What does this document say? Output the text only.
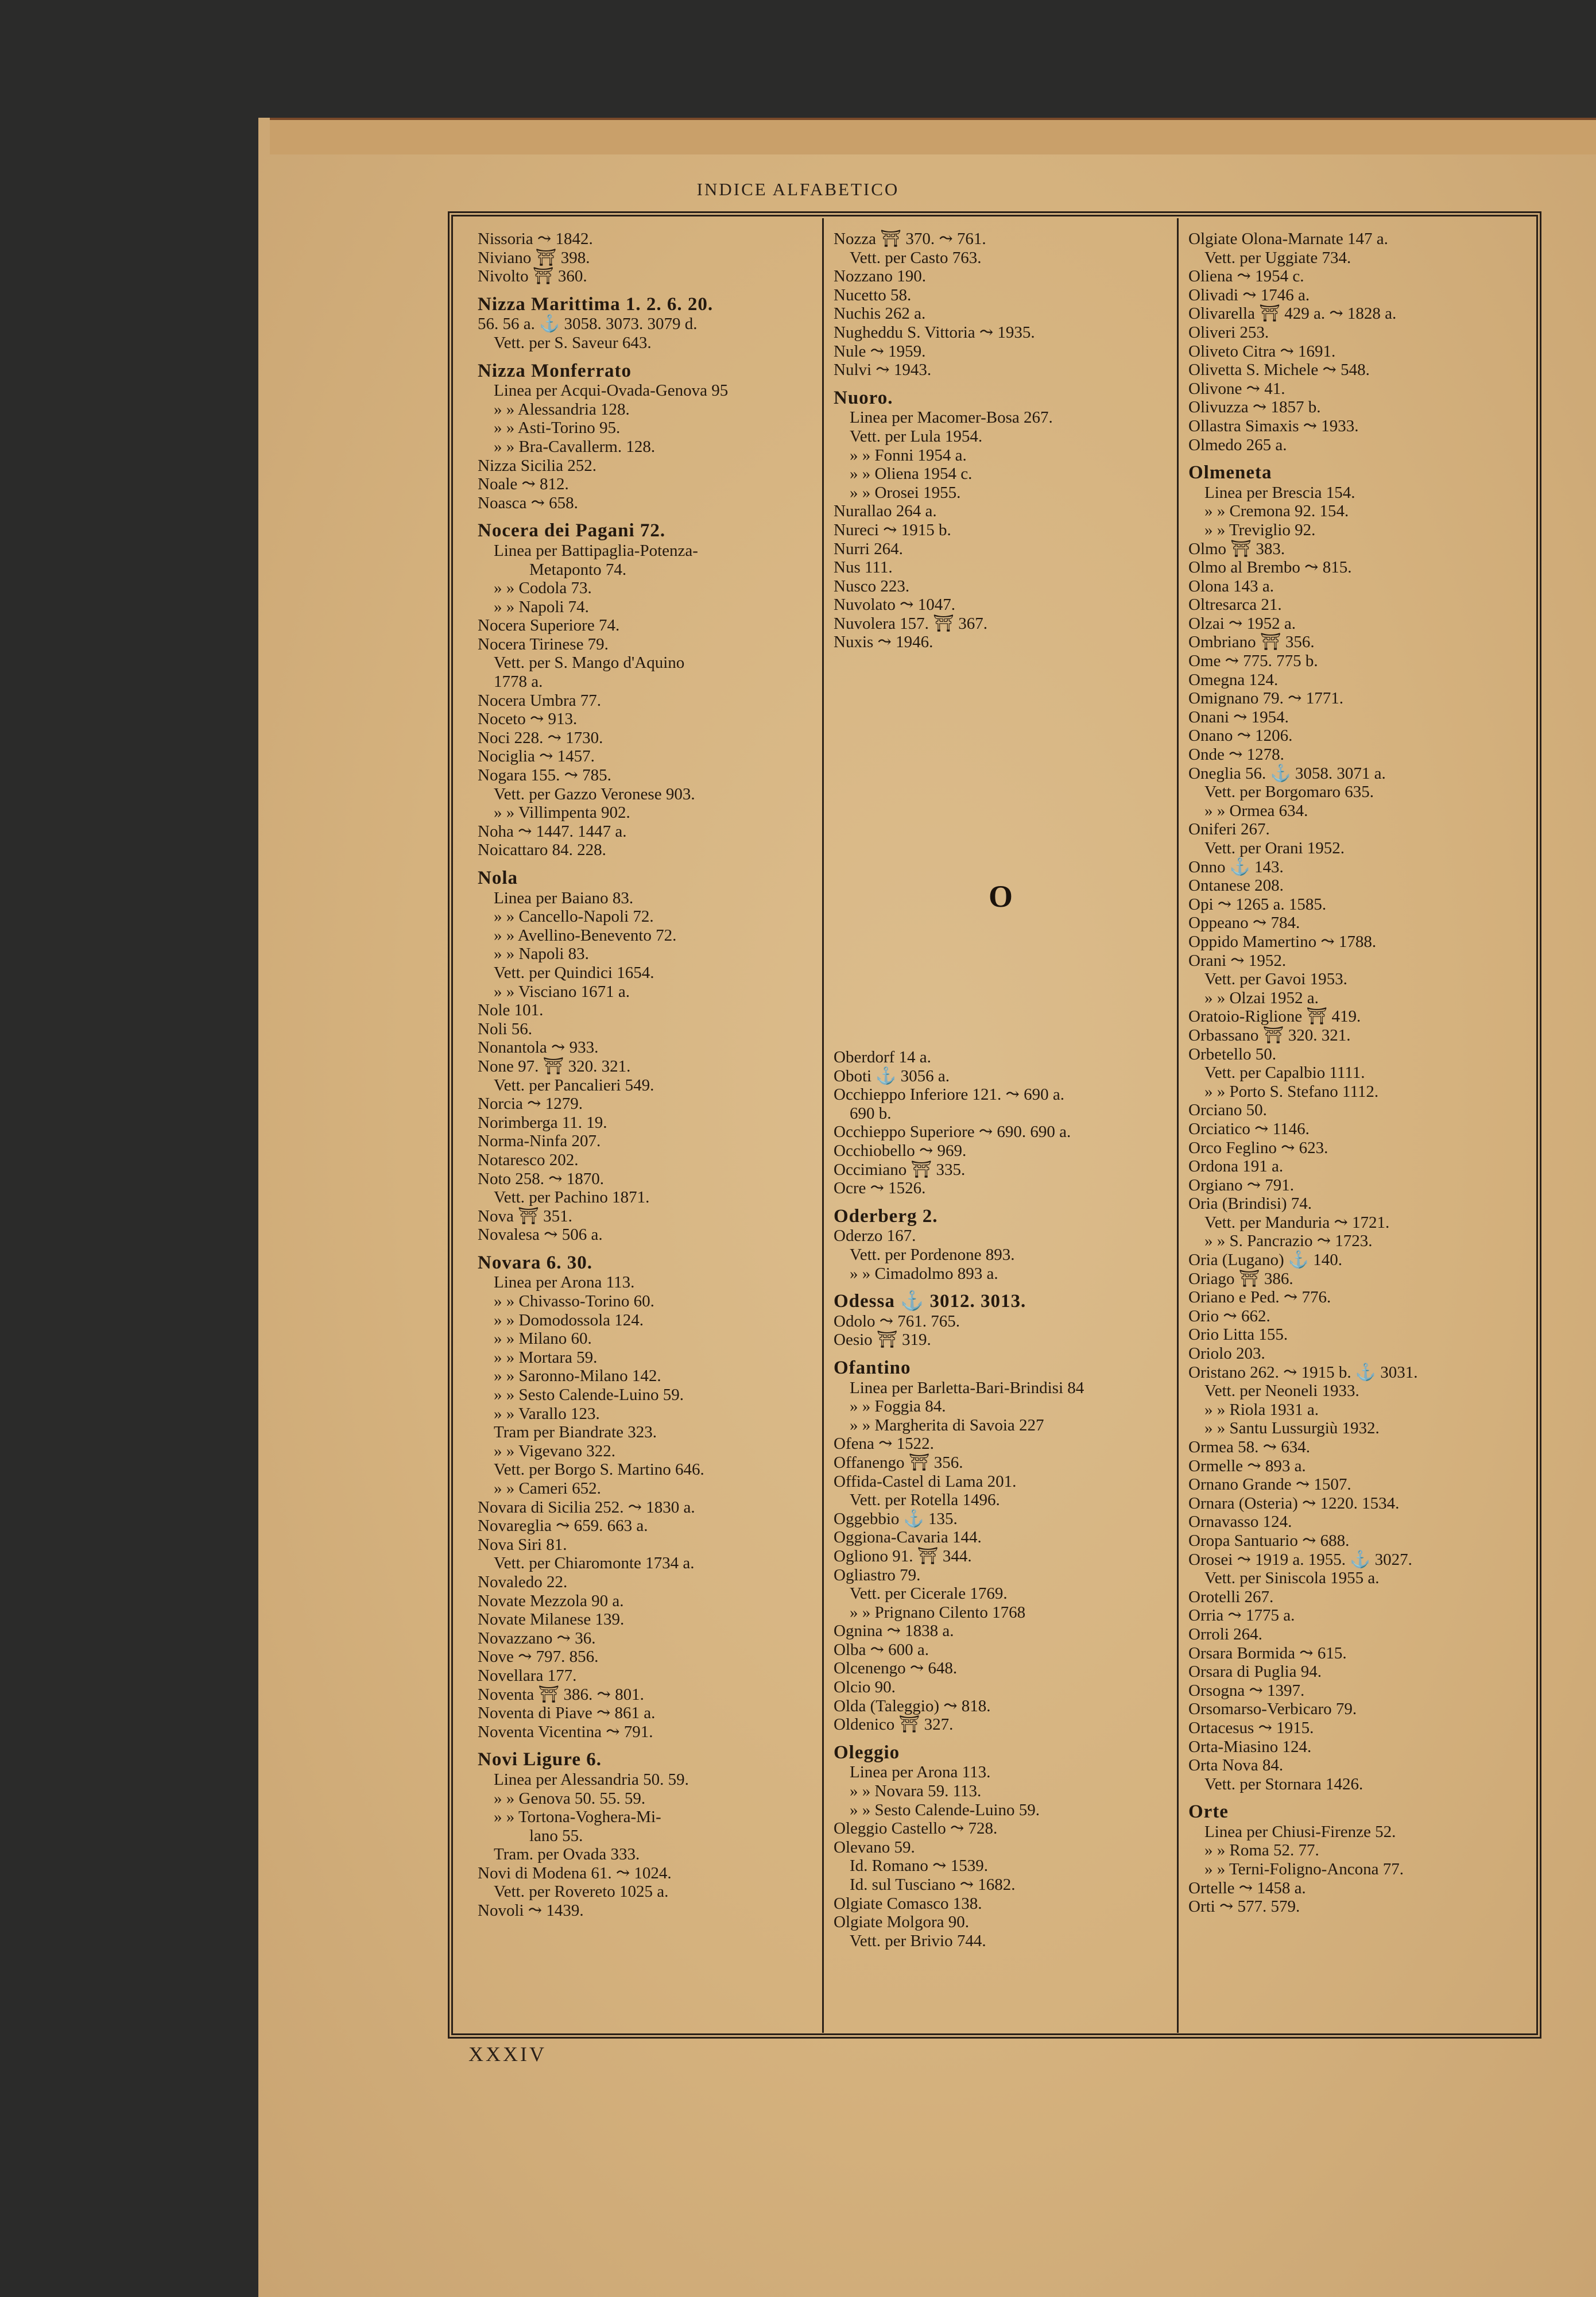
INDICE ALFABETICO
Nissoria ⤳ 1842.
Niviano ⛩ 398.
Nivolto ⛩ 360.
Nizza Marittima 1. 2. 6. 20.
56. 56 a. ⚓ 3058. 3073. 3079 d.
Vett. per S. Saveur 643.
Nizza Monferrato
Linea per Acqui-Ovada-Genova 95
» » Alessandria 128.
» » Asti-Torino 95.
» » Bra-Cavallerm. 128.
Nizza Sicilia 252.
Noale ⤳ 812.
Noasca ⤳ 658.
Nocera dei Pagani 72.
Linea per Battipaglia-Potenza-
Metaponto 74.
» » Codola 73.
» » Napoli 74.
Nocera Superiore 74.
Nocera Tirinese 79.
Vett. per S. Mango d'Aquino
1778 a.
Nocera Umbra 77.
Noceto ⤳ 913.
Noci 228. ⤳ 1730.
Nociglia ⤳ 1457.
Nogara 155. ⤳ 785.
Vett. per Gazzo Veronese 903.
» » Villimpenta 902.
Noha ⤳ 1447. 1447 a.
Noicattaro 84. 228.
Nola
Linea per Baiano 83.
» » Cancello-Napoli 72.
» » Avellino-Benevento 72.
» » Napoli 83.
Vett. per Quindici 1654.
» » Visciano 1671 a.
Nole 101.
Noli 56.
Nonantola ⤳ 933.
None 97. ⛩ 320. 321.
Vett. per Pancalieri 549.
Norcia ⤳ 1279.
Norimberga 11. 19.
Norma-Ninfa 207.
Notaresco 202.
Noto 258. ⤳ 1870.
Vett. per Pachino 1871.
Nova ⛩ 351.
Novalesa ⤳ 506 a.
Novara 6. 30.
Linea per Arona 113.
» » Chivasso-Torino 60.
» » Domodossola 124.
» » Milano 60.
» » Mortara 59.
» » Saronno-Milano 142.
» » Sesto Calende-Luino 59.
» » Varallo 123.
Tram per Biandrate 323.
» » Vigevano 322.
Vett. per Borgo S. Martino 646.
» » Cameri 652.
Novara di Sicilia 252. ⤳ 1830 a.
Novareglia ⤳ 659. 663 a.
Nova Siri 81.
Vett. per Chiaromonte 1734 a.
Novaledo 22.
Novate Mezzola 90 a.
Novate Milanese 139.
Novazzano ⤳ 36.
Nove ⤳ 797. 856.
Novellara 177.
Noventa ⛩ 386. ⤳ 801.
Noventa di Piave ⤳ 861 a.
Noventa Vicentina ⤳ 791.
Novi Ligure 6.
Linea per Alessandria 50. 59.
» » Genova 50. 55. 59.
» » Tortona-Voghera-Mi-
lano 55.
Tram. per Ovada 333.
Novi di Modena 61. ⤳ 1024.
Vett. per Rovereto 1025 a.
Novoli ⤳ 1439.
Nozza ⛩ 370. ⤳ 761.
Vett. per Casto 763.
Nozzano 190.
Nucetto 58.
Nuchis 262 a.
Nugheddu S. Vittoria ⤳ 1935.
Nule ⤳ 1959.
Nulvi ⤳ 1943.
Nuoro.
Linea per Macomer-Bosa 267.
Vett. per Lula 1954.
» » Fonni 1954 a.
» » Oliena 1954 c.
» » Orosei 1955.
Nurallao 264 a.
Nureci ⤳ 1915 b.
Nurri 264.
Nus 111.
Nusco 223.
Nuvolato ⤳ 1047.
Nuvolera 157. ⛩ 367.
Nuxis ⤳ 1946.
Oberdorf 14 a.
Oboti ⚓ 3056 a.
Occhieppo Inferiore 121. ⤳ 690 a.
690 b.
Occhieppo Superiore ⤳ 690. 690 a.
Occhiobello ⤳ 969.
Occimiano ⛩ 335.
Ocre ⤳ 1526.
Oderberg 2.
Oderzo 167.
Vett. per Pordenone 893.
» » Cimadolmo 893 a.
Odessa ⚓ 3012. 3013.
Odolo ⤳ 761. 765.
Oesio ⛩ 319.
Ofantino
Linea per Barletta-Bari-Brindisi 84
» » Foggia 84.
» » Margherita di Savoia 227
Ofena ⤳ 1522.
Offanengo ⛩ 356.
Offida-Castel di Lama 201.
Vett. per Rotella 1496.
Oggebbio ⚓ 135.
Oggiona-Cavaria 144.
Ogliono 91. ⛩ 344.
Ogliastro 79.
Vett. per Cicerale 1769.
» » Prignano Cilento 1768
Ognina ⤳ 1838 a.
Olba ⤳ 600 a.
Olcenengo ⤳ 648.
Olcio 90.
Olda (Taleggio) ⤳ 818.
Oldenico ⛩ 327.
Oleggio
Linea per Arona 113.
» » Novara 59. 113.
» » Sesto Calende-Luino 59.
Oleggio Castello ⤳ 728.
Olevano 59.
Id. Romano ⤳ 1539.
Id. sul Tusciano ⤳ 1682.
Olgiate Comasco 138.
Olgiate Molgora 90.
Vett. per Brivio 744.
O
Olgiate Olona-Marnate 147 a.
Vett. per Uggiate 734.
Oliena ⤳ 1954 c.
Olivadi ⤳ 1746 a.
Olivarella ⛩ 429 a. ⤳ 1828 a.
Oliveri 253.
Oliveto Citra ⤳ 1691.
Olivetta S. Michele ⤳ 548.
Olivone ⤳ 41.
Olivuzza ⤳ 1857 b.
Ollastra Simaxis ⤳ 1933.
Olmedo 265 a.
Olmeneta
Linea per Brescia 154.
» » Cremona 92. 154.
» » Treviglio 92.
Olmo ⛩ 383.
Olmo al Brembo ⤳ 815.
Olona 143 a.
Oltresarca 21.
Olzai ⤳ 1952 a.
Ombriano ⛩ 356.
Ome ⤳ 775. 775 b.
Omegna 124.
Omignano 79. ⤳ 1771.
Onani ⤳ 1954.
Onano ⤳ 1206.
Onde ⤳ 1278.
Oneglia 56. ⚓ 3058. 3071 a.
Vett. per Borgomaro 635.
» » Ormea 634.
Oniferi 267.
Vett. per Orani 1952.
Onno ⚓ 143.
Ontanese 208.
Opi ⤳ 1265 a. 1585.
Oppeano ⤳ 784.
Oppido Mamertino ⤳ 1788.
Orani ⤳ 1952.
Vett. per Gavoi 1953.
» » Olzai 1952 a.
Oratoio-Riglione ⛩ 419.
Orbassano ⛩ 320. 321.
Orbetello 50.
Vett. per Capalbio 1111.
» » Porto S. Stefano 1112.
Orciano 50.
Orciatico ⤳ 1146.
Orco Feglino ⤳ 623.
Ordona 191 a.
Orgiano ⤳ 791.
Oria (Brindisi) 74.
Vett. per Manduria ⤳ 1721.
» » S. Pancrazio ⤳ 1723.
Oria (Lugano) ⚓ 140.
Oriago ⛩ 386.
Oriano e Ped. ⤳ 776.
Orio ⤳ 662.
Orio Litta 155.
Oriolo 203.
Oristano 262. ⤳ 1915 b. ⚓ 3031.
Vett. per Neoneli 1933.
» » Riola 1931 a.
» » Santu Lussurgiù 1932.
Ormea 58. ⤳ 634.
Ormelle ⤳ 893 a.
Ornano Grande ⤳ 1507.
Ornara (Osteria) ⤳ 1220. 1534.
Ornavasso 124.
Oropa Santuario ⤳ 688.
Orosei ⤳ 1919 a. 1955. ⚓ 3027.
Vett. per Siniscola 1955 a.
Orotelli 267.
Orria ⤳ 1775 a.
Orroli 264.
Orsara Bormida ⤳ 615.
Orsara di Puglia 94.
Orsogna ⤳ 1397.
Orsomarso-Verbicaro 79.
Ortacesus ⤳ 1915.
Orta-Miasino 124.
Orta Nova 84.
Vett. per Stornara 1426.
Orte
Linea per Chiusi-Firenze 52.
» » Roma 52. 77.
» » Terni-Foligno-Ancona 77.
Ortelle ⤳ 1458 a.
Orti ⤳ 577. 579.
XXXIV
